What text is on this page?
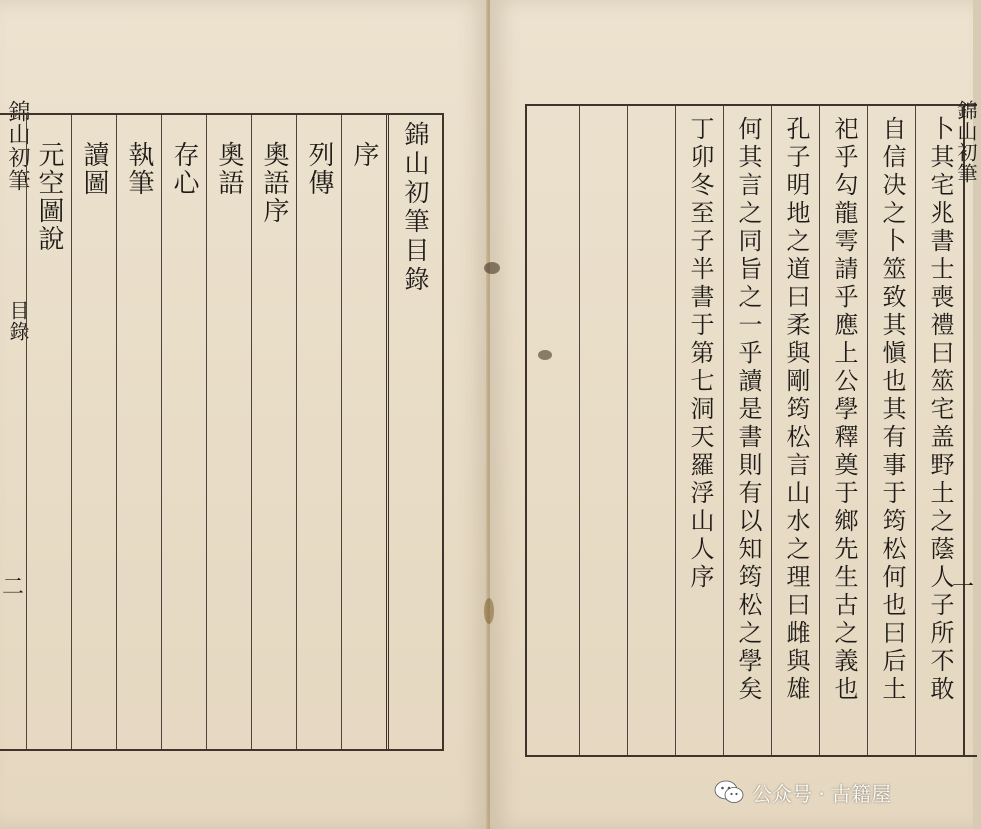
錦山初筆
目錄
二
錦山初筆目錄
序
列傳
奧語序
奧語
存心
執筆
讀圖
元空圖說	丁卯冬至子半書于第七洞天羅浮山人序 何其言之同旨之一乎讀是書則有以知筠松之學矣 孔子明地之道曰柔與剛筠松言山水之理曰雌與雄 祀乎勾龍雩請乎應上公學釋奠于鄉先生古之義也 自信决之卜筮致其愼也其有事于筠松何也曰后土 卜其宅兆書士喪禮曰筮宅盖野土之蔭人子所不敢 錦山初筆
一
公众号 · 古籍屋
